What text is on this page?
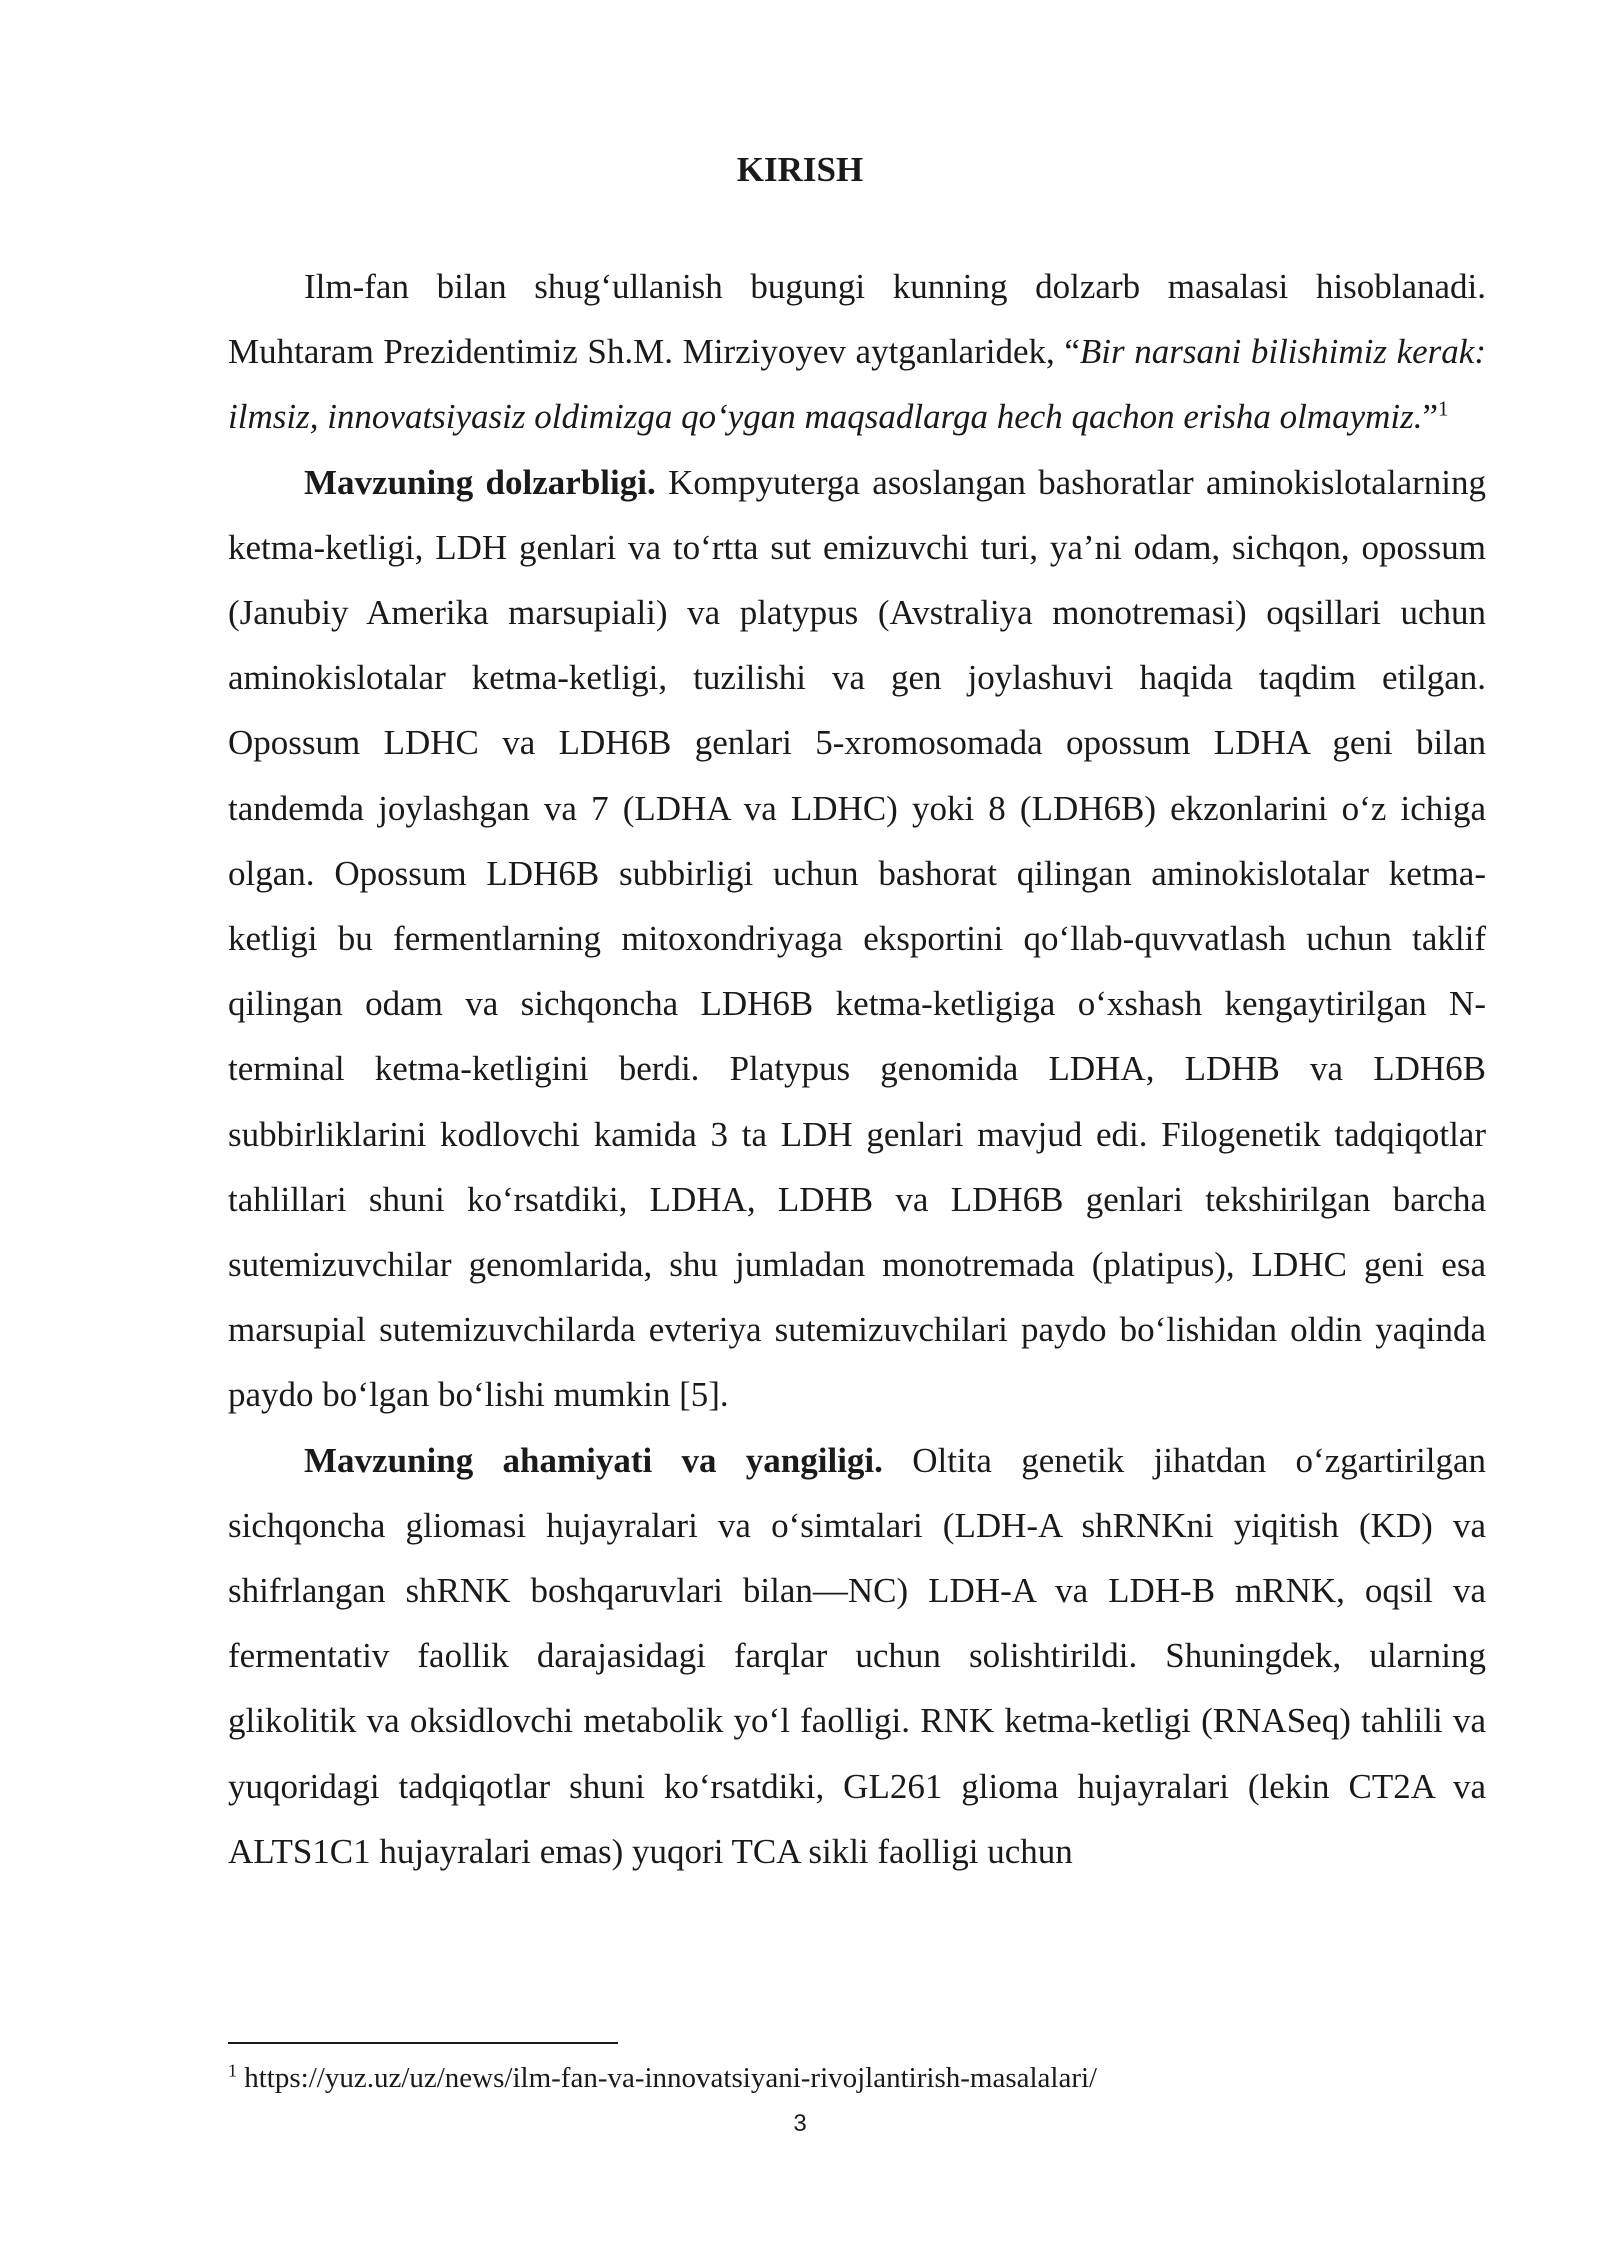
KIRISH

Ilm-fan bilan shug‘ullanish bugungi kunning dolzarb masalasi hisoblanadi. Muhtaram Prezidentimiz Sh.M. Mirziyoyev aytganlaridek, “Bir narsani bilishimiz kerak: ilmsiz, innovatsiyasiz oldimizga qo‘ygan maqsadlarga hech qachon erisha olmaymiz.”$^1$

Mavzuning dolzarbligi. Kompyuterga asoslangan bashoratlar aminokislotalarning ketma-ketligi, LDH genlari va to‘rtta sut emizuvchi turi, ya’ni odam, sichqon, opossum (Janubiy Amerika marsupiali) va platypus (Avstraliya monotremasi) oqsillari uchun aminokislotalar ketma-ketligi, tuzilishi va gen joylashuvi haqida taqdim etilgan. Opossum LDHC va LDH6B genlari 5-xromosomada opossum LDHA geni bilan tandemda joylashgan va 7 (LDHA va LDHC) yoki 8 (LDH6B) ekzonlarini o‘z ichiga olgan. Opossum LDH6B subbirligi uchun bashorat qilingan aminokislotalar ketma-ketligi bu fermentlarning mitoxondriyaga eksportini qo‘llab-quvvatlash uchun taklif qilingan odam va sichqoncha LDH6B ketma-ketligiga o‘xshash kengaytirilgan N-terminal ketma-ketligini berdi. Platypus genomida LDHA, LDHB va LDH6B subbirliklarini kodlovchi kamida 3 ta LDH genlari mavjud edi. Filogenetik tadqiqotlar tahlillari shuni ko‘rsatdiki, LDHA, LDHB va LDH6B genlari tekshirilgan barcha sutemizuvchilar genomlarida, shu jumladan monotremada (platipus), LDHC geni esa marsupial sutemizuvchilarda evteriya sutemizuvchilari paydo bo‘lishidan oldin yaqinda paydo bo‘lgan bo‘lishi mumkin [5].

Mavzuning ahamiyati va yangiligi. Oltita genetik jihatdan o‘zgartirilgan sichqoncha gliomasi hujayralari va o‘simtalari (LDH-A shRNKni yiqitish (KD) va shifrlangan shRNK boshqaruvlari bilan—NC) LDH-A va LDH-B mRNK, oqsil va fermentativ faollik darajasidagi farqlar uchun solishtirildi. Shuningdek, ularning glikolitik va oksidlovchi metabolik yo‘l faolligi. RNK ketma-ketligi (RNASeq) tahlili va yuqoridagi tadqiqotlar shuni ko‘rsatdiki, GL261 glioma hujayralari (lekin CT2A va ALTS1C1 hujayralari emas) yuqori TCA sikli faolligi uchun

$^1$ https://yuz.uz/uz/news/ilm-fan-va-innovatsiyani-rivojlantirish-masalalari/
3
